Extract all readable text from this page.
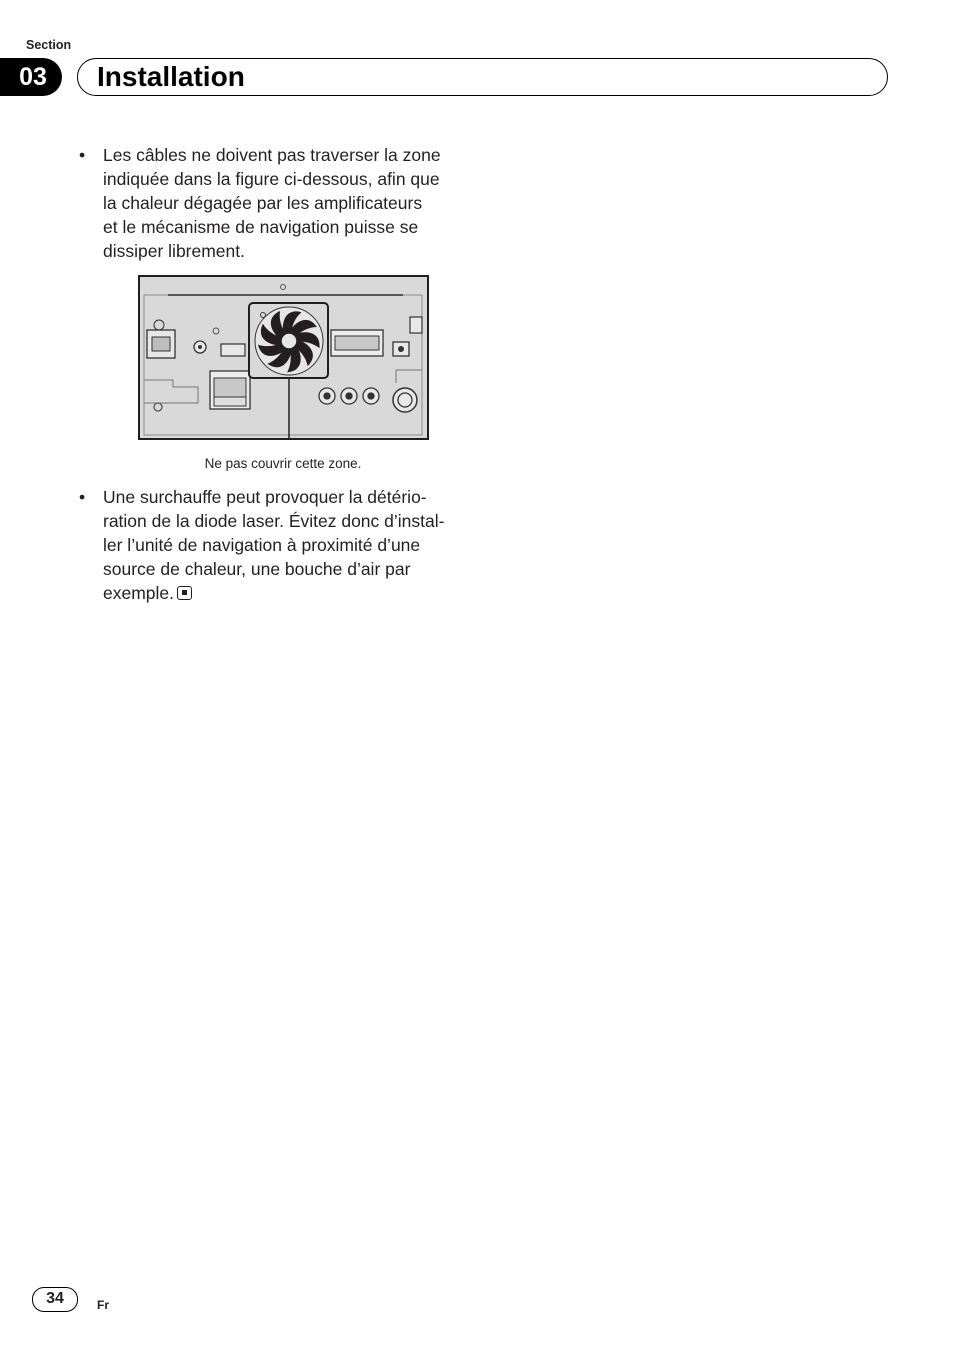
Section
03	Installation
• Les câbles ne doivent pas traverser la zone
indiquée dans la figure ci-dessous, afin que
la chaleur dégagée par les amplificateurs
et le mécanisme de navigation puisse se
dissiper librement.
Ne pas couvrir cette zone.
• Une surchauffe peut provoquer la détério-
ration de la diode laser. Évitez donc d’instal-
ler l’unité de navigation à proximité d’une
source de chaleur, une bouche d’air par
exemple.
34	Fr
